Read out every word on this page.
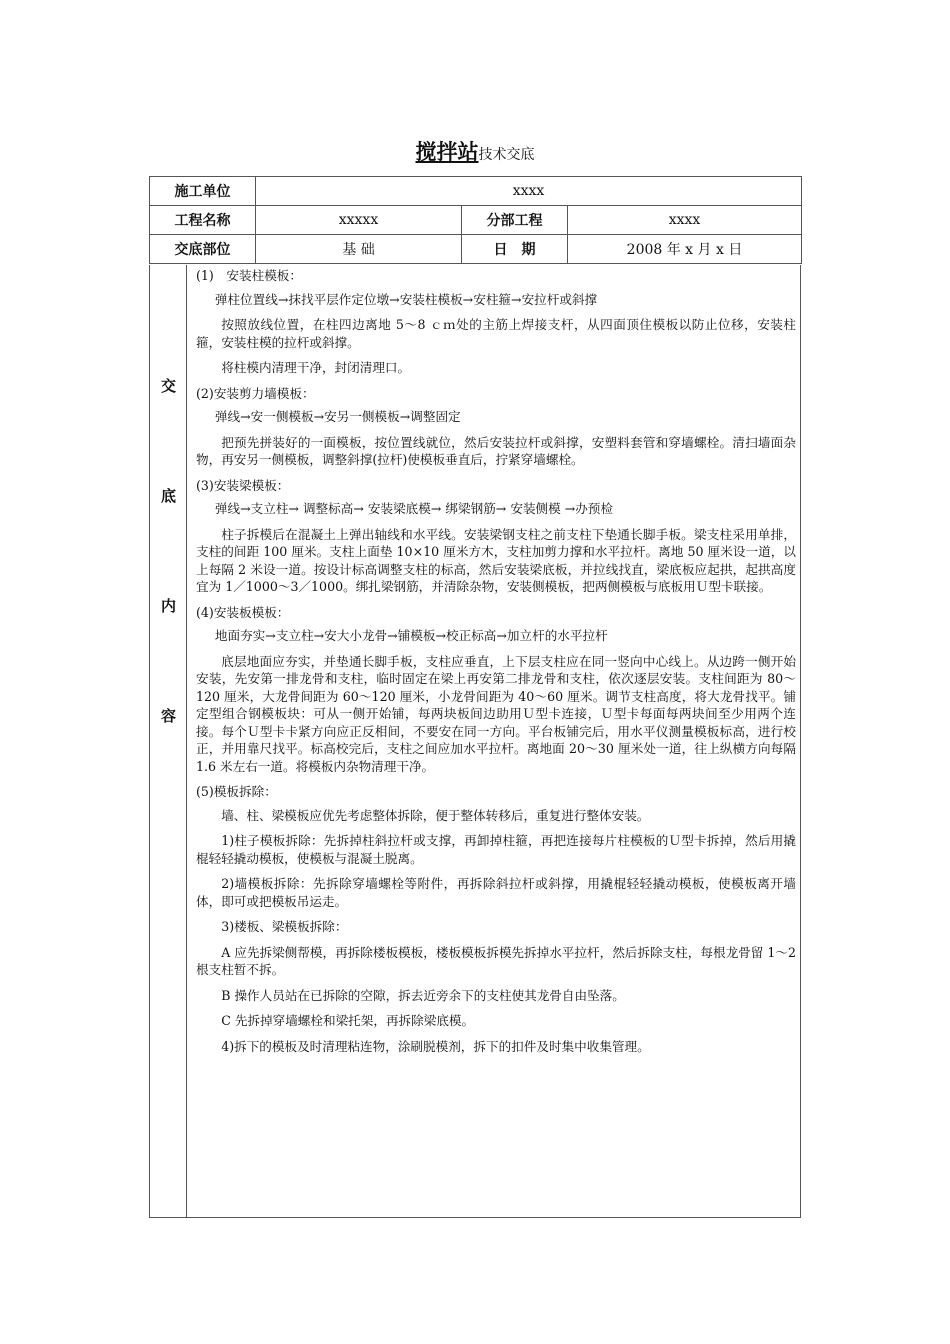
搅拌站技术交底
施工单位	xxxx		
工程名称	xxxxx	分部工程	xxxx
交底部位	基 础	日　期	2008 年 x 月 x 日
交
底
内
容

(1)　安装柱模板：

弹柱位置线→抹找平层作定位墩→安装柱模板→安柱箍→安拉杆或斜撑

按照放线位置，在柱四边离地 5～8 ｃｍ处的主筋上焊接支杆，从四面顶住模板以防止位移，安装柱箍，安装柱模的拉杆或斜撑。

将柱模内清理干净，封闭清理口。

(2)安装剪力墙模板：

弹线→安一侧模板→安另一侧模板→调整固定

把预先拼装好的一面模板，按位置线就位，然后安装拉杆或斜撑，安塑料套管和穿墙螺栓。清扫墙面杂物，再安另一侧模板，调整斜撑(拉杆)使模板垂直后，拧紧穿墙螺栓。

(3)安装梁模板：

弹线→支立柱→ 调整标高→ 安装梁底模→ 绑梁钢筋→ 安装侧模 →办预检

柱子拆模后在混凝土上弹出轴线和水平线。安装梁钢支柱之前支柱下垫通长脚手板。梁支柱采用单排，支柱的间距 100 厘米。支柱上面垫 10×10 厘米方木，支柱加剪力撑和水平拉杆。离地 50 厘米设一道，以上每隔 2 米设一道。按设计标高调整支柱的标高，然后安装梁底板，并拉线找直，梁底板应起拱，起拱高度宜为 1／1000～3／1000。绑扎梁钢筋，并清除杂物，安装侧模板，把两侧模板与底板用Ｕ型卡联接。

(4)安装板模板：

地面夯实→支立柱→安大小龙骨→铺模板→校正标高→加立杆的水平拉杆

底层地面应夯实，并垫通长脚手板，支柱应垂直，上下层支柱应在同一竖向中心线上。从边跨一侧开始安装，先安第一排龙骨和支柱，临时固定在梁上再安第二排龙骨和支柱，依次逐层安装。支柱间距为 80～120 厘米，大龙骨间距为 60～120 厘米，小龙骨间距为 40～60 厘米。调节支柱高度，将大龙骨找平。铺定型组合钢模板块：可从一侧开始铺，每两块板间边助用Ｕ型卡连接，Ｕ型卡每面每两块间至少用两个连接。每个Ｕ型卡卡紧方向应正反相间，不要安在同一方向。平台板铺完后，用水平仪测量模板标高，进行校正，并用靠尺找平。标高校完后，支柱之间应加水平拉杆。离地面 20～30 厘米处一道，往上纵横方向每隔 1.6 米左右一道。将模板内杂物清理干净。

(5)模板拆除：

墙、柱、梁模板应优先考虑整体拆除，便于整体转移后，重复进行整体安装。

1)柱子模板拆除：先拆掉柱斜拉杆或支撑，再卸掉柱箍，再把连接每片柱模板的Ｕ型卡拆掉，然后用撬棍轻轻撬动模板，使模板与混凝土脱离。

2)墙模板拆除：先拆除穿墙螺栓等附件，再拆除斜拉杆或斜撑，用撬棍轻轻撬动模板，使模板离开墙体，即可或把模板吊运走。

3)楼板、梁模板拆除：

A 应先拆梁侧帮模，再拆除楼板模板，楼板模板拆模先拆掉水平拉杆，然后拆除支柱，每根龙骨留 1～2 根支柱暂不拆。

B 操作人员站在已拆除的空隙，拆去近旁余下的支柱使其龙骨自由坠落。

C 先拆掉穿墙螺栓和梁托架，再拆除梁底模。

4)拆下的模板及时清理粘连物，涂刷脱模剂，拆下的扣件及时集中收集管理。
